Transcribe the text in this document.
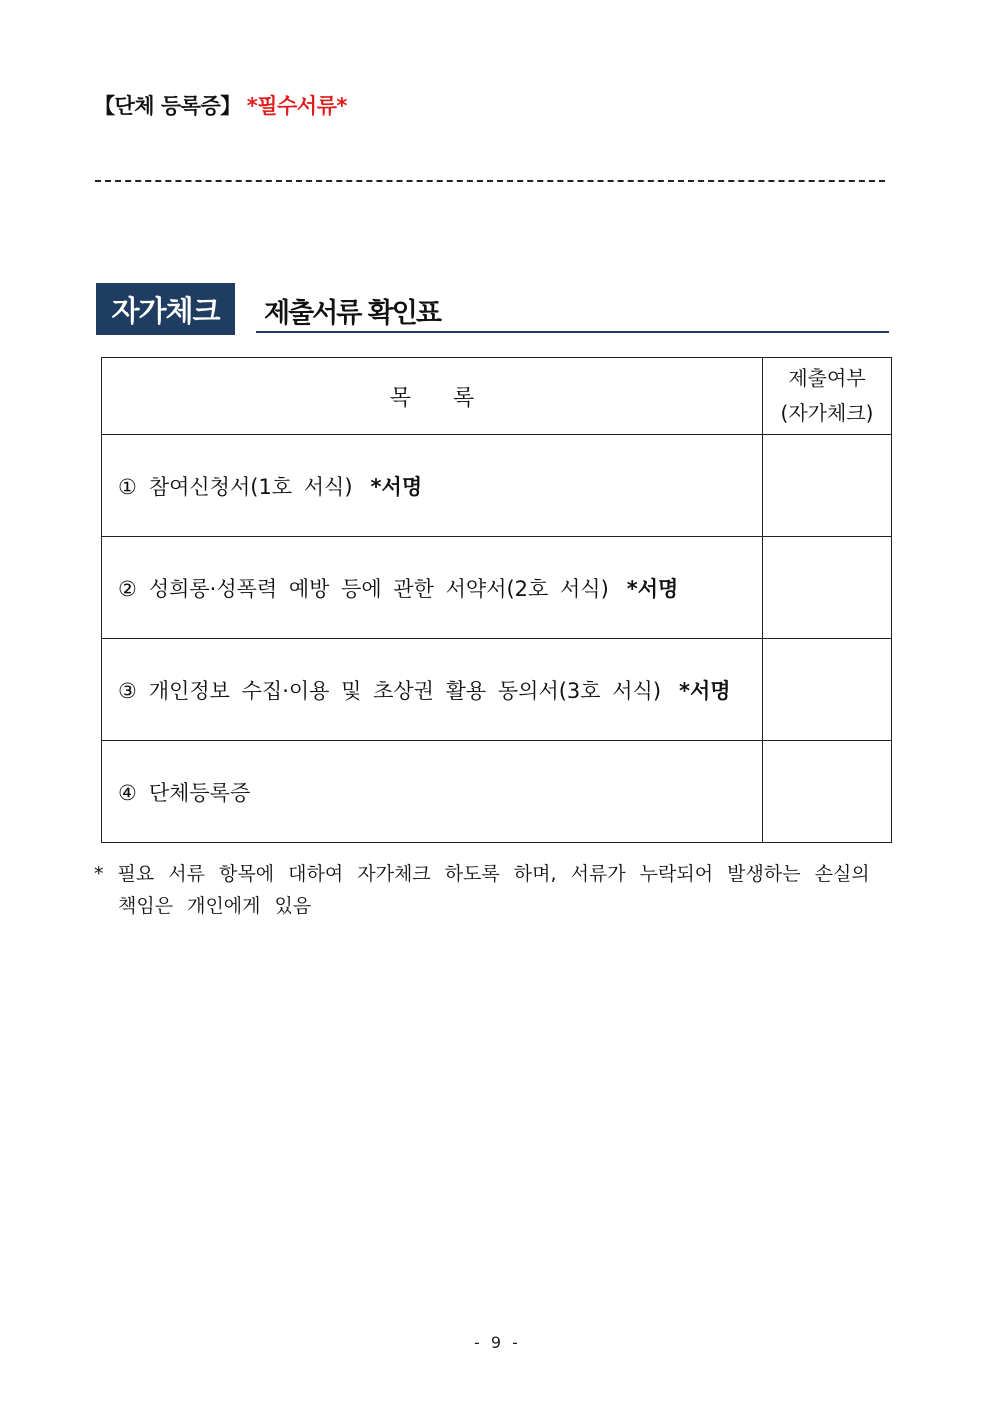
【단체 등록증】 *필수서류*
자가체크	제출서류 확인표
목      록	제출여부
(자가체크)

① 참여신청서(1호 서식) *서명	
② 성희롱·성폭력 예방 등에 관한 서약서(2호 서식) *서명	
③ 개인정보 수집·이용 및 초상권 활용 동의서(3호 서식) *서명	
④ 단체등록증	
* 필요 서류 항목에 대하여 자가체크 하도록 하며, 서류가 누락되어 발생하는 손실의
책임은 개인에게 있음
- 9 -
